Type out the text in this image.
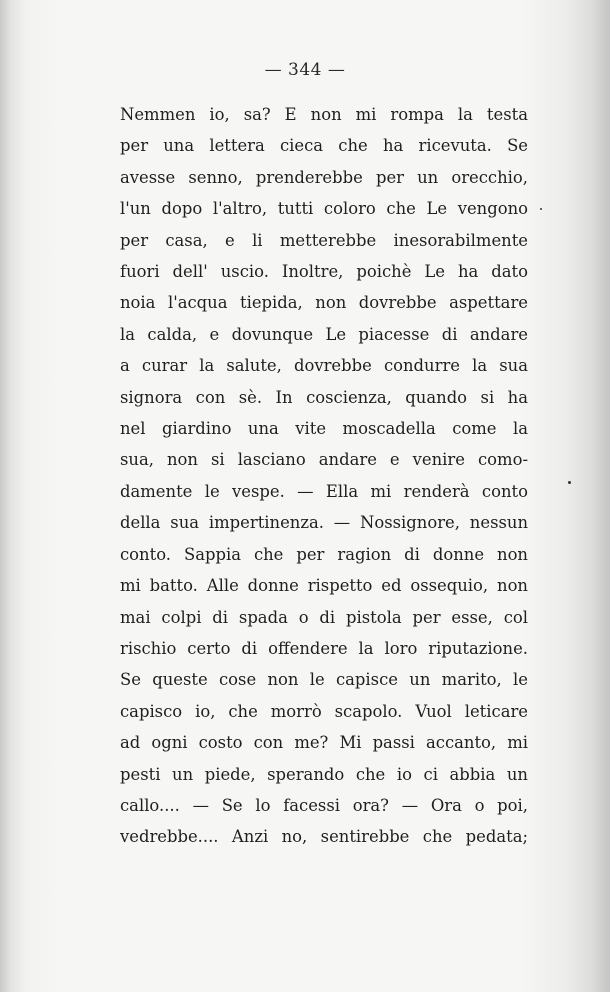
— 344 —
Nemmen io, sa? E non mi rompa la testa
per una lettera cieca che ha ricevuta. Se
avesse senno, prenderebbe per un orecchio,
l'un dopo l'altro, tutti coloro che Le vengono
per casa, e li metterebbe inesorabilmente
fuori dell' uscio. Inoltre, poichè Le ha dato
noia l'acqua tiepida, non dovrebbe aspettare
la calda, e dovunque Le piacesse di andare
a curar la salute, dovrebbe condurre la sua
signora con sè. In coscienza, quando si ha
nel giardino una vite moscadella come la
sua, non si lasciano andare e venire como-
damente le vespe. — Ella mi renderà conto
della sua impertinenza. — Nossignore, nessun
conto. Sappia che per ragion di donne non
mi batto. Alle donne rispetto ed ossequio, non
mai colpi di spada o di pistola per esse, col
rischio certo di offendere la loro riputazione.
Se queste cose non le capisce un marito, le
capisco io, che morrò scapolo. Vuol leticare
ad ogni costo con me? Mi passi accanto, mi
pesti un piede, sperando che io ci abbia un
callo.... — Se lo facessi ora? — Ora o poi,
vedrebbe.... Anzi no, sentirebbe che pedata;
